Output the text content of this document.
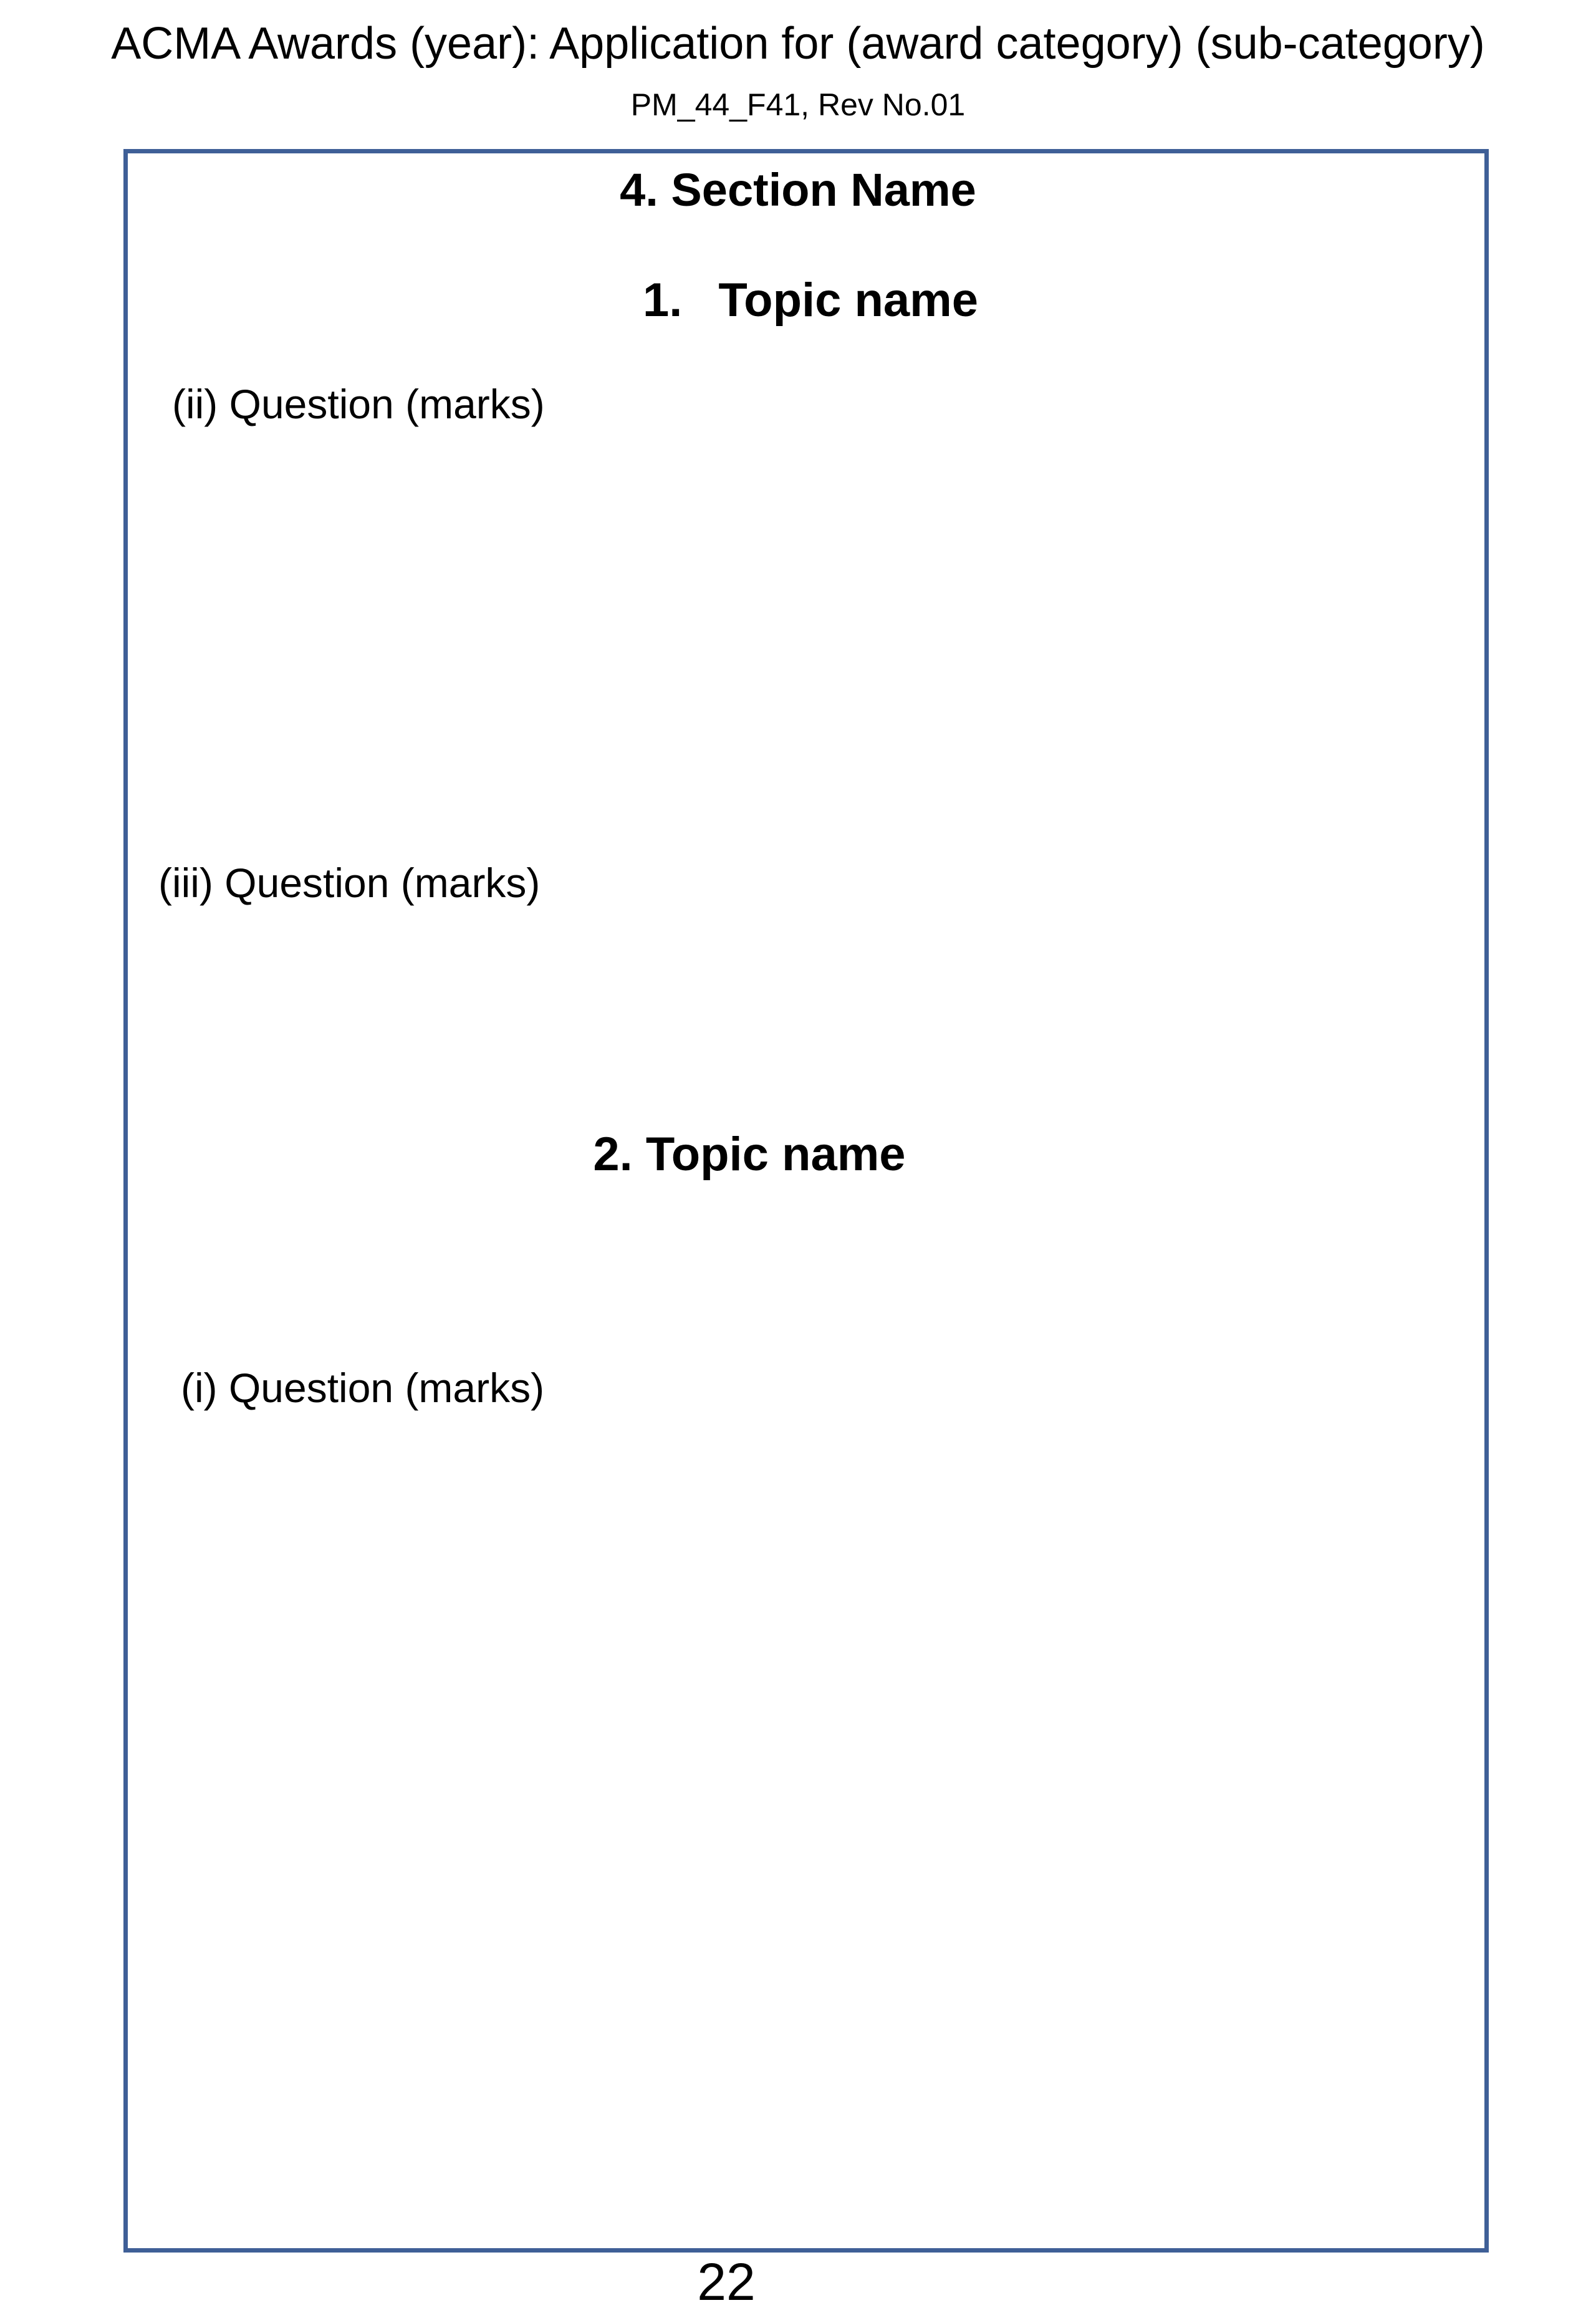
ACMA Awards (year): Application for (award category) (sub-category)
PM_44_F41, Rev No.01
4. Section Name
1. Topic name
(ii) Question (marks)
(iii) Question (marks)
2. Topic name
(i) Question (marks)
22
